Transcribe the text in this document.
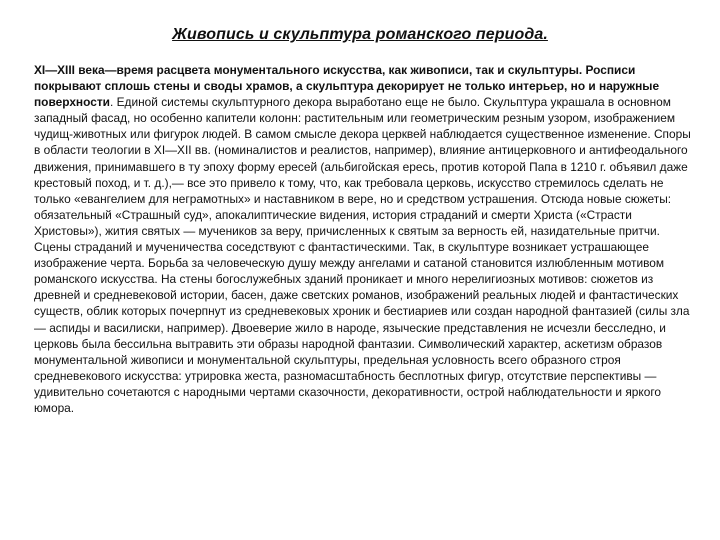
Живопись и скульптура романского периода.

XI—XIII века—время расцвета монументального искусства, как живописи, так и скульптуры. Росписи покрывают сплошь стены и своды храмов, а скульптура декорирует не только интерьер, но и наружные поверхности. Единой системы скульптурного декора выработано еще не было. Скульптура украшала в основном западный фасад, но особенно капители колонн: растительным или геометрическим резным узором, изображением чудищ-животных или фигурок людей. В самом смысле декора церквей наблюдается существенное изменение. Споры в области теологии в XI—XII вв. (номиналистов и реалистов, например), влияние антицерковного и антифеодального движения, принимавшего в ту эпоху форму ересей (альбигойская ересь, против которой Папа в 1210 г. объявил даже крестовый поход, и т. д.),— все это привело к тому, что, как требовала церковь, искусство стремилось сделать не только «евангелием для неграмотных» и наставником в вере, но и средством устрашения. Отсюда новые сюжеты: обязательный «Страшный суд», апокалиптические видения, история страданий и смерти Христа («Страсти Христовы»), жития святых — мучеников за веру, причисленных к святым за верность ей, назидательные притчи. Сцены страданий и мученичества соседствуют с фантастическими. Так, в скульптуре возникает устрашающее изображение черта. Борьба за человеческую душу между ангелами и сатаной становится излюбленным мотивом романского искусства. На стены богослужебных зданий проникает и много нерелигиозных мотивов: сюжетов из древней и средневековой истории, басен, даже светских романов, изображений реальных людей и фантастических существ, облик которых почерпнут из средневековых хроник и бестиариев или создан народной фантазией (силы зла — аспиды и василиски, например). Двоеверие жило в народе, языческие представления не исчезли бесследно, и церковь была бессильна вытравить эти образы народной фантазии. Символический характер, аскетизм образов монументальной живописи и монументальной скульптуры, предельная условность всего образного строя средневекового искусства: утрировка жеста, разномасштабность бесплотных фигур, отсутствие перспективы — удивительно сочетаются с народными чертами сказочности, декоративности, острой наблюдательности и яркого юмора.
